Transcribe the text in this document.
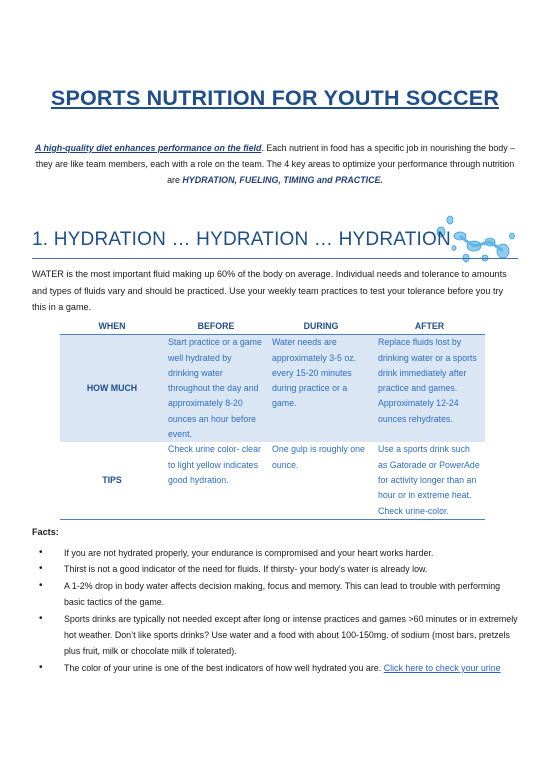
SPORTS NUTRITION FOR YOUTH SOCCER
A high-quality diet enhances performance on the field. Each nutrient in food has a specific job in nourishing the body – they are like team members, each with a role on the team. The 4 key areas to optimize your performance through nutrition are HYDRATION, FUELING, TIMING and PRACTICE.
1. HYDRATION … HYDRATION … HYDRATION
WATER is the most important fluid making up 60% of the body on average. Individual needs and tolerance to amounts and types of fluids vary and should be practiced. Use your weekly team practices to test your tolerance before you try this in a game.
WHEN	BEFORE	DURING	AFTER
HOW MUCH	Start practice or a game well hydrated by drinking water throughout the day and approximately 8-20 ounces an hour before event.	Water needs are approximately 3-5 oz. every 15-20 minutes during practice or a game.	Replace fluids lost by drinking water or a sports drink immediately after practice and games. Approximately 12-24 ounces rehydrates.
TIPS	Check urine color- clear to light yellow indicates good hydration.	One gulp is roughly one ounce.	Use a sports drink such as Gatorade or PowerAde for activity longer than an hour or in extreme heat. Check urine-color.
Facts:
• If you are not hydrated properly, your endurance is compromised and your heart works harder.
• Thirst is not a good indicator of the need for fluids. If thirsty- your body’s water is already low.
• A 1-2% drop in body water affects decision making, focus and memory. This can lead to trouble with performing basic tactics of the game.
• Sports drinks are typically not needed except after long or intense practices and games >60 minutes or in extremely hot weather. Don’t like sports drinks? Use water and a food with about 100-150mg. of sodium (most bars, pretzels plus fruit, milk or chocolate milk if tolerated).
• The color of your urine is one of the best indicators of how well hydrated you are. Click here to check your urine
